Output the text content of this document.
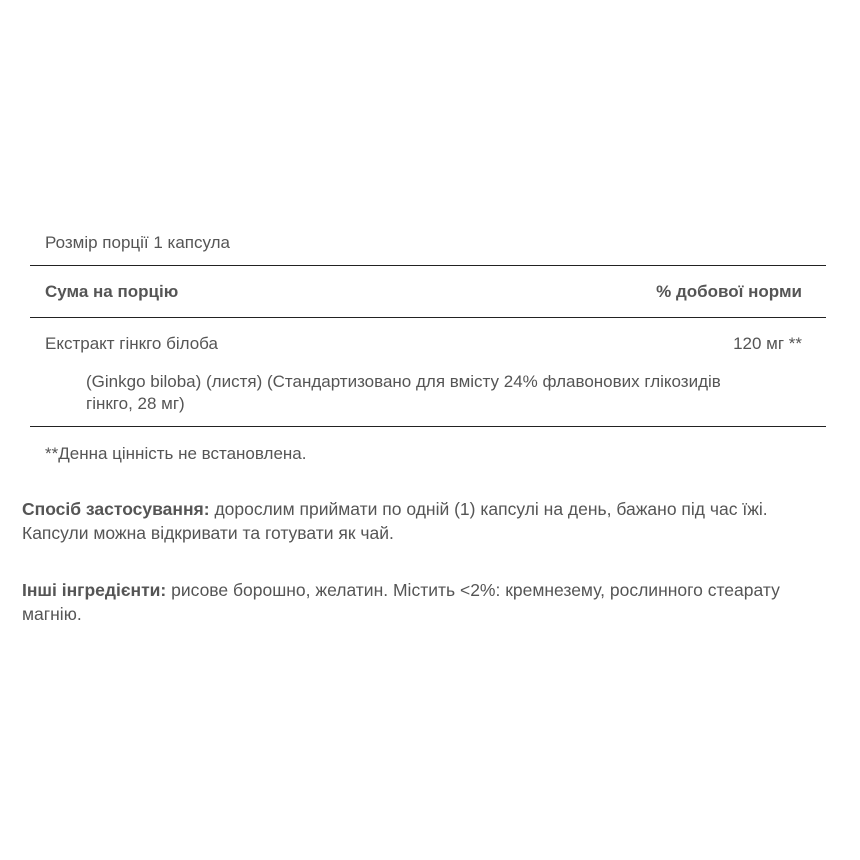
Розмір порції 1 капсула
Сума на порцію	% добової норми
Екстракт гінкго білоба	120 мг **
(Ginkgo biloba) (листя) (Стандартизовано для вмісту 24% флавонових глікозидів гінкго, 28 мг)
**Денна цінність не встановлена.
Спосіб застосування: дорослим приймати по одній (1) капсулі на день, бажано під час їжі. Капсули можна відкривати та готувати як чай.
Інші інгредієнти: рисове борошно, желатин. Містить <2%: кремнезему, рослинного стеарату магнію.
